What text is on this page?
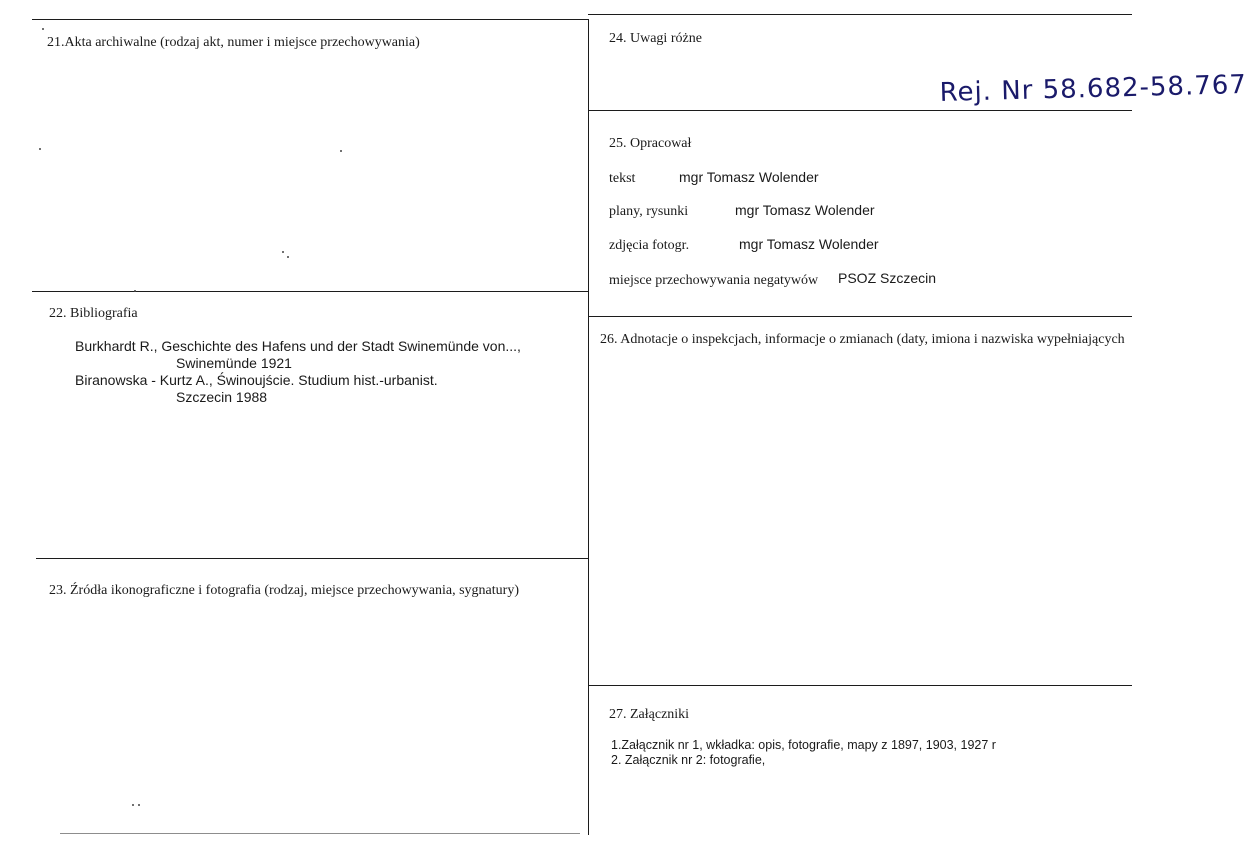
21.Akta archiwalne (rodzaj akt, numer i miejsce przechowywania)
22. Bibliografia
Burkhardt R., Geschichte des Hafens und der Stadt Swinemünde von...,
Swinemünde 1921
Biranowska - Kurtz A., Świnoujście. Studium hist.-urbanist.
Szczecin 1988
23. Źródła ikonograficzne i fotografia (rodzaj, miejsce przechowywania, sygnatury)
24. Uwagi różne
Rej. Nr 58.682-58.767
25. Opracował
tekst	mgr Tomasz Wolender
plany, rysunki	mgr Tomasz Wolender
zdjęcia fotogr.	mgr Tomasz Wolender
miejsce przechowywania negatywów PSOZ Szczecin
26. Adnotacje o inspekcjach, informacje o zmianach (daty, imiona i nazwiska wypełniających
27. Załączniki
1.Załącznik nr 1, wkładka: opis, fotografie, mapy z 1897, 1903, 1927 r
2. Załącznik nr 2: fotografie,
